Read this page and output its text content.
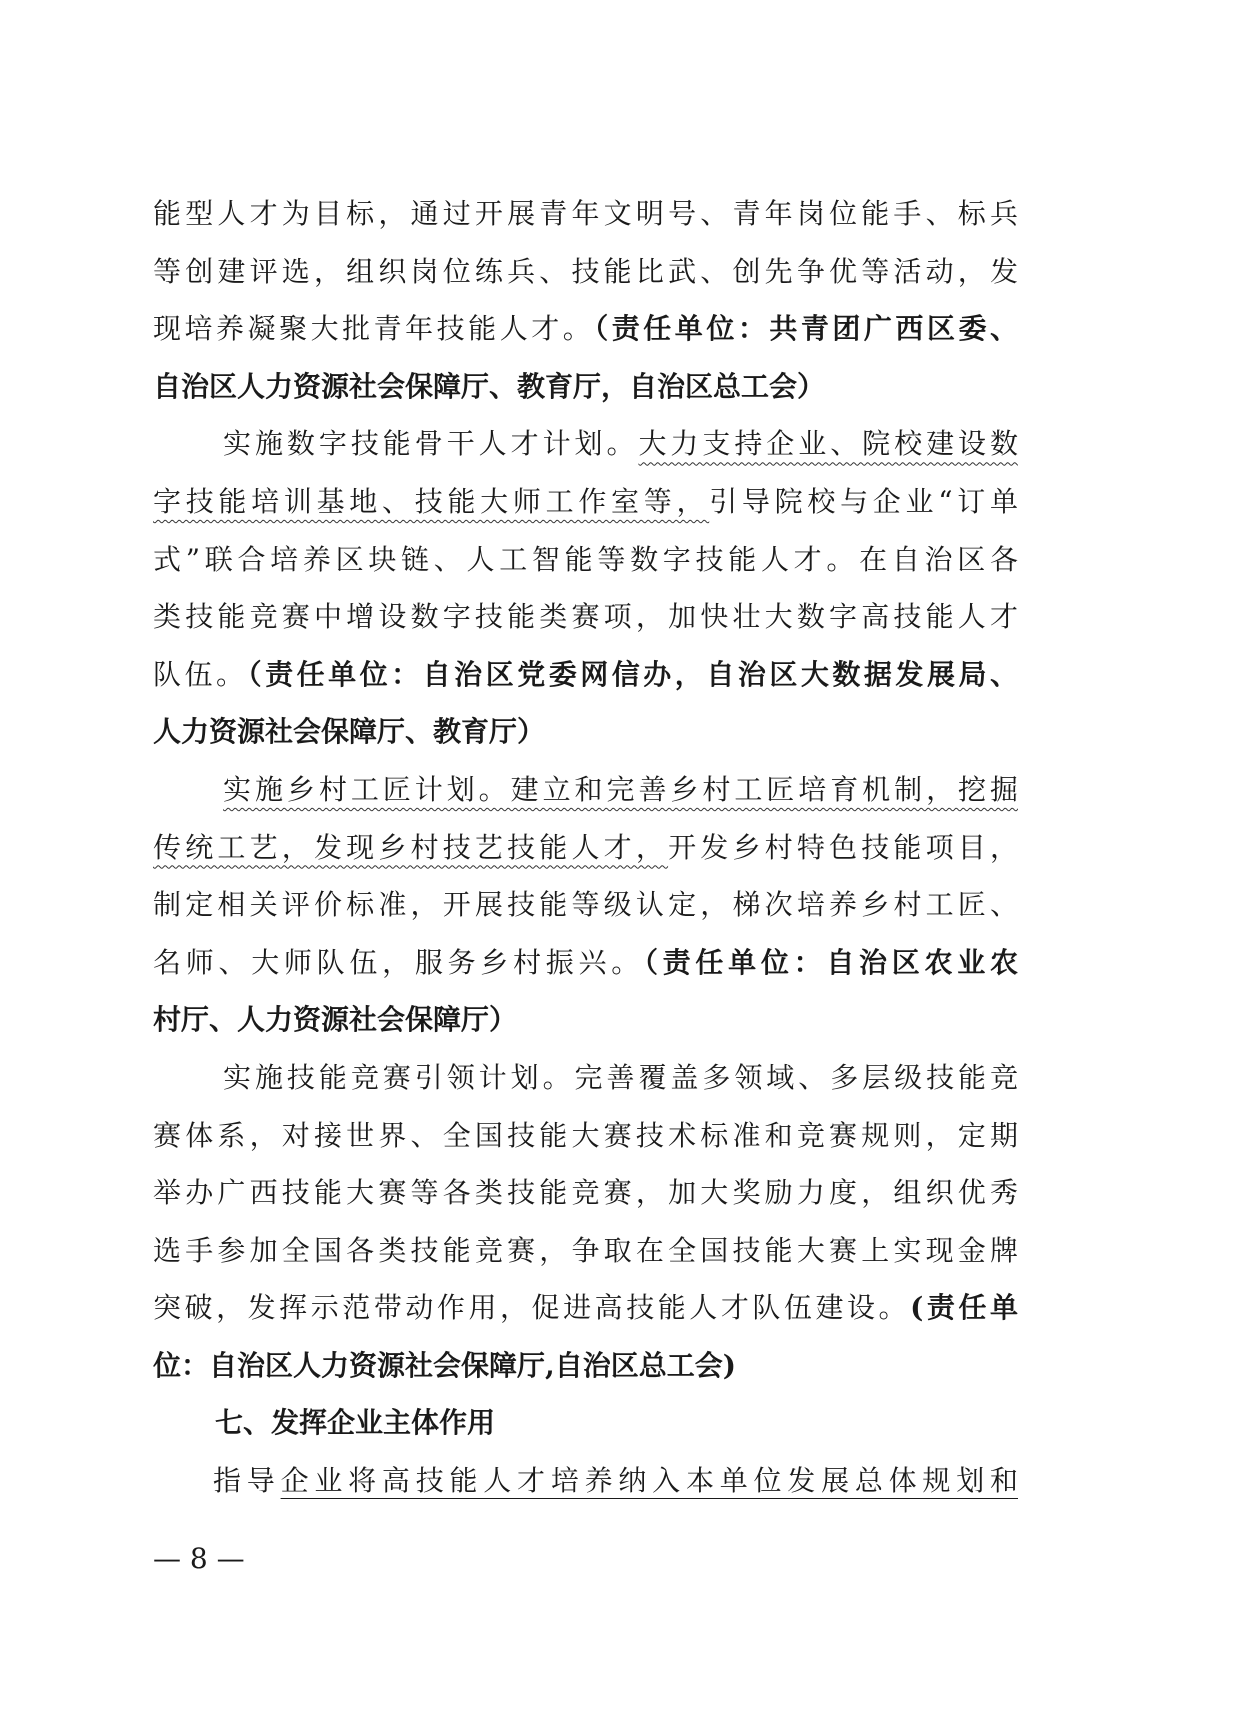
能型人才为目标，通过开展青年文明号、青年岗位能手、标兵
等创建评选，组织岗位练兵、技能比武、创先争优等活动，发
现培养凝聚大批青年技能人才。（责任单位：共青团广西区委、
自治区人力资源社会保障厅、教育厅，自治区总工会）
实施数字技能骨干人才计划。大力支持企业、院校建设数
字技能培训基地、技能大师工作室等，引导院校与企业“订单
式”联合培养区块链、人工智能等数字技能人才。在自治区各
类技能竞赛中增设数字技能类赛项，加快壮大数字高技能人才
队伍。（责任单位：自治区党委网信办，自治区大数据发展局、
人力资源社会保障厅、教育厅）
实施乡村工匠计划。建立和完善乡村工匠培育机制，挖掘
传统工艺，发现乡村技艺技能人才，开发乡村特色技能项目，
制定相关评价标准，开展技能等级认定，梯次培养乡村工匠、
名师、大师队伍，服务乡村振兴。（责任单位：自治区农业农
村厅、人力资源社会保障厅）
实施技能竞赛引领计划。完善覆盖多领域、多层级技能竞
赛体系，对接世界、全国技能大赛技术标准和竞赛规则，定期
举办广西技能大赛等各类技能竞赛，加大奖励力度，组织优秀
选手参加全国各类技能竞赛，争取在全国技能大赛上实现金牌
突破，发挥示范带动作用，促进高技能人才队伍建设。(责任单
位：自治区人力资源社会保障厅,自治区总工会)
七、发挥企业主体作用
指导企业将高技能人才培养纳入本单位发展总体规划和
— 8 —
